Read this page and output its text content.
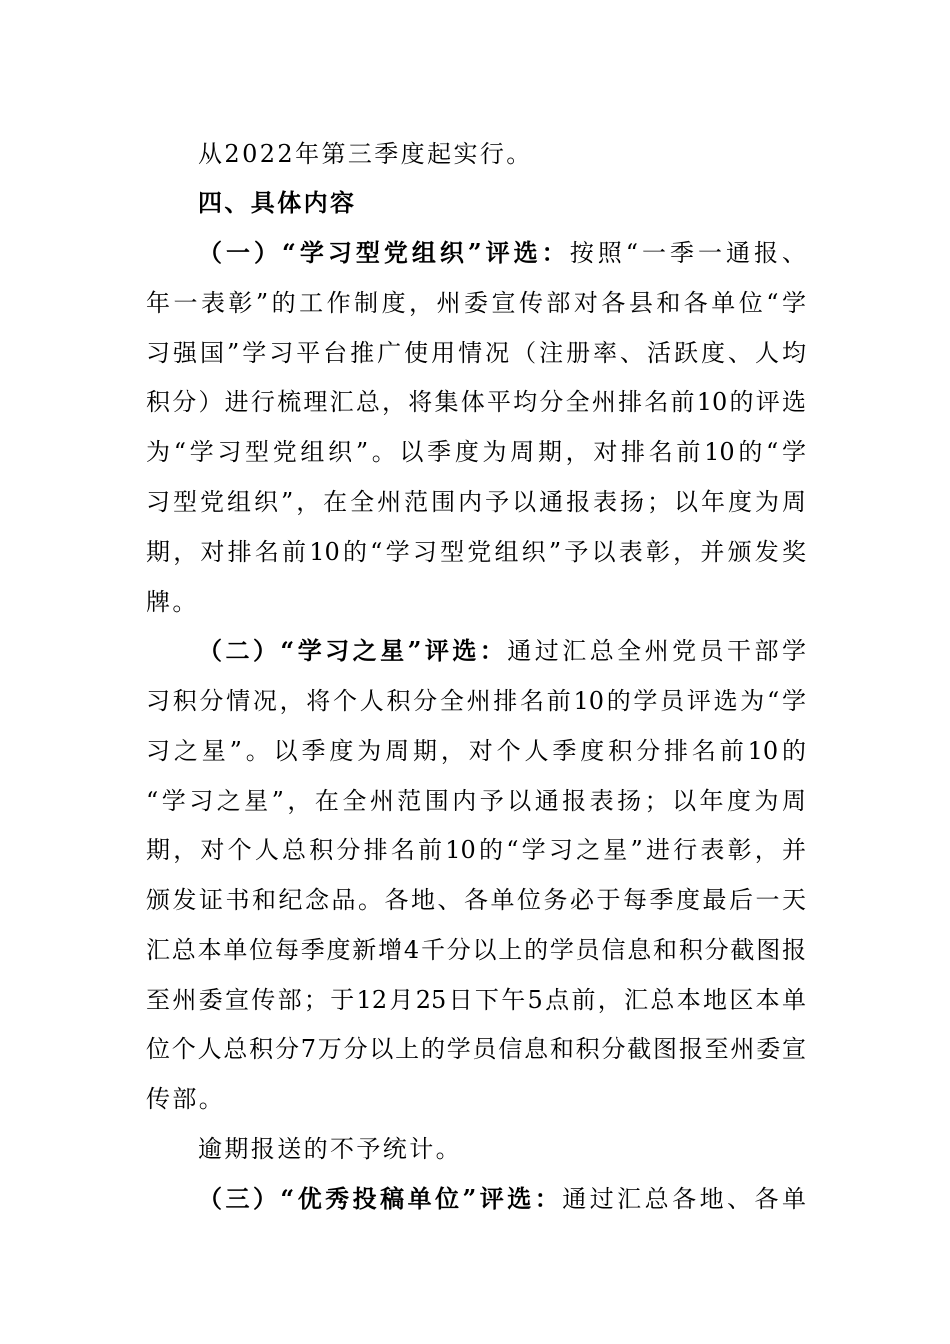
从2022年第三季度起实行。
四、具体内容
（一）“学习型党组织”评选：按照“一季一通报、
年一表彰”的工作制度，州委宣传部对各县和各单位“学
习强国”学习平台推广使用情况（注册率、活跃度、人均
积分）进行梳理汇总，将集体平均分全州排名前10的评选
为“学习型党组织”。以季度为周期，对排名前10的“学
习型党组织”，在全州范围内予以通报表扬；以年度为周
期，对排名前10的“学习型党组织”予以表彰，并颁发奖
牌。
（二）“学习之星”评选：通过汇总全州党员干部学
习积分情况，将个人积分全州排名前10的学员评选为“学
习之星”。以季度为周期，对个人季度积分排名前10的
“学习之星”，在全州范围内予以通报表扬；以年度为周
期，对个人总积分排名前10的“学习之星”进行表彰，并
颁发证书和纪念品。各地、各单位务必于每季度最后一天
汇总本单位每季度新增4千分以上的学员信息和积分截图报
至州委宣传部；于12月25日下午5点前，汇总本地区本单
位个人总积分7万分以上的学员信息和积分截图报至州委宣
传部。
逾期报送的不予统计。
（三）“优秀投稿单位”评选：通过汇总各地、各单
